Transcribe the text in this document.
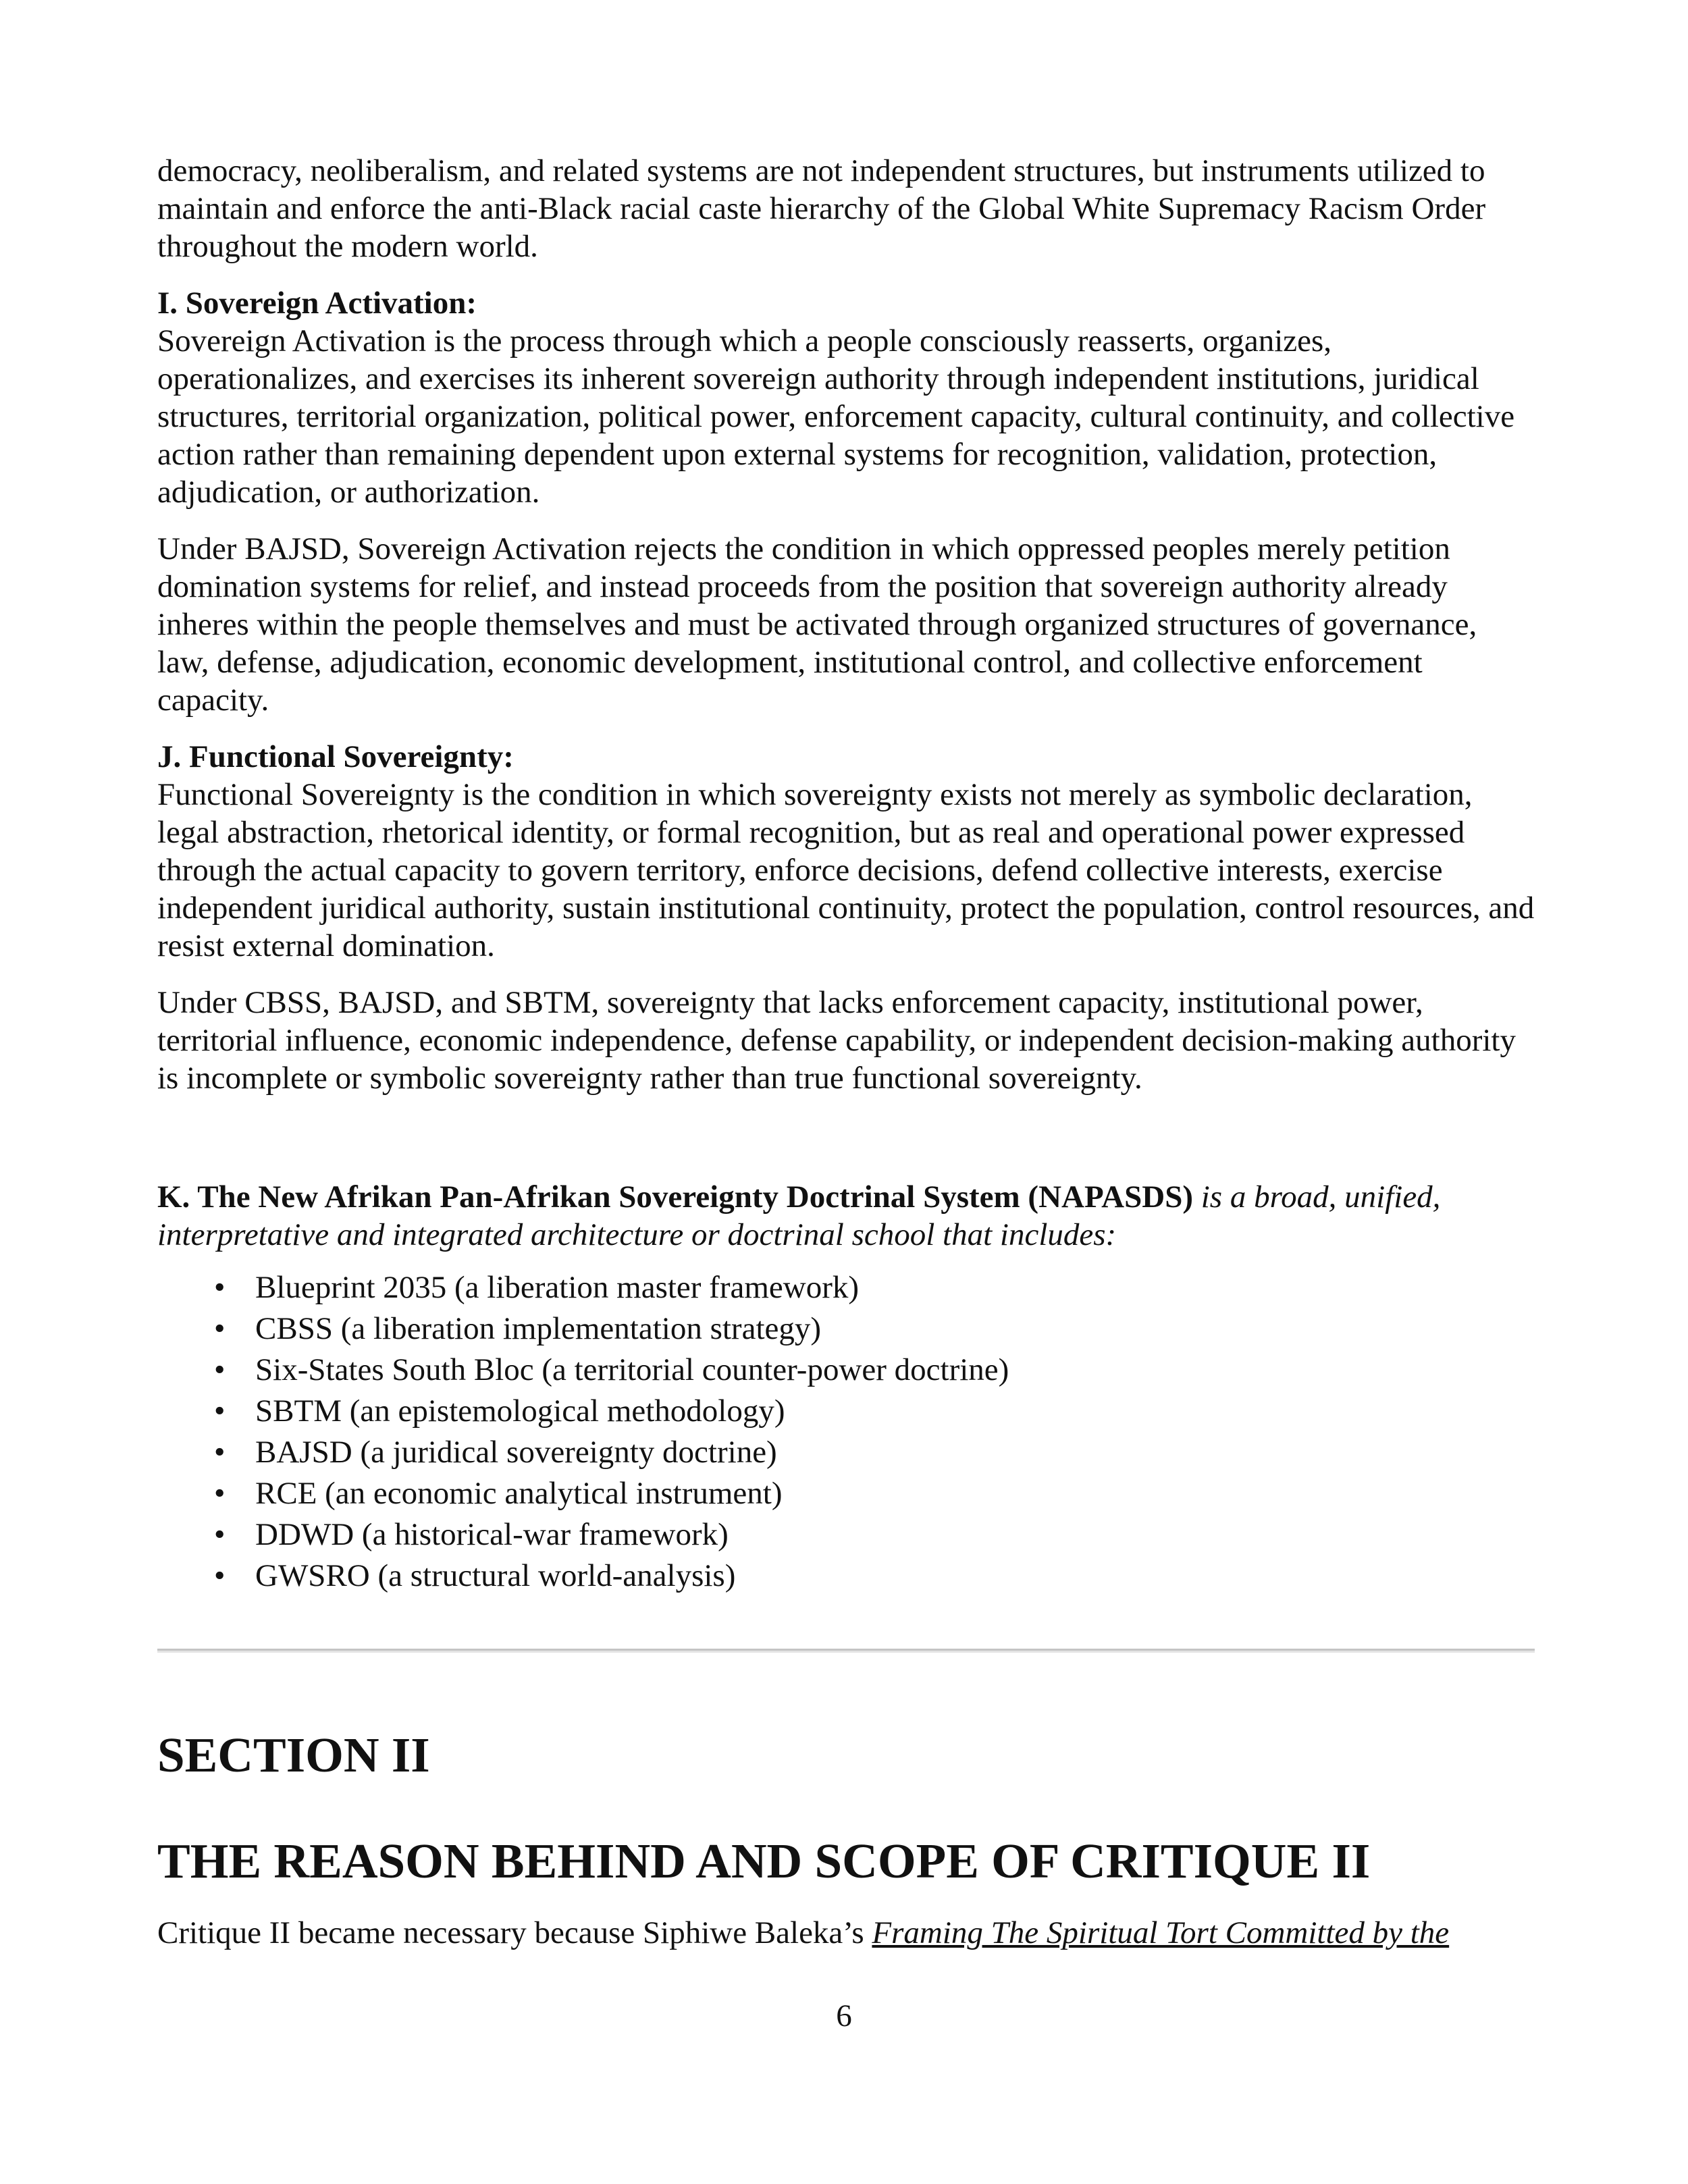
democracy, neoliberalism, and related systems are not independent structures, but instruments utilized to maintain and enforce the anti-Black racial caste hierarchy of the Global White Supremacy Racism Order throughout the modern world.

I. Sovereign Activation:
Sovereign Activation is the process through which a people consciously reasserts, organizes, operationalizes, and exercises its inherent sovereign authority through independent institutions, juridical structures, territorial organization, political power, enforcement capacity, cultural continuity, and collective action rather than remaining dependent upon external systems for recognition, validation, protection, adjudication, or authorization.

Under BAJSD, Sovereign Activation rejects the condition in which oppressed peoples merely petition domination systems for relief, and instead proceeds from the position that sovereign authority already inheres within the people themselves and must be activated through organized structures of governance, law, defense, adjudication, economic development, institutional control, and collective enforcement capacity.

J. Functional Sovereignty:
Functional Sovereignty is the condition in which sovereignty exists not merely as symbolic declaration, legal abstraction, rhetorical identity, or formal recognition, but as real and operational power expressed through the actual capacity to govern territory, enforce decisions, defend collective interests, exercise independent juridical authority, sustain institutional continuity, protect the population, control resources, and resist external domination.

Under CBSS, BAJSD, and SBTM, sovereignty that lacks enforcement capacity, institutional power, territorial influence, economic independence, defense capability, or independent decision-making authority is incomplete or symbolic sovereignty rather than true functional sovereignty.

K. The New Afrikan Pan-Afrikan Sovereignty Doctrinal System (NAPASDS) is a broad, unified, interpretative and integrated architecture or doctrinal school that includes:

• Blueprint 2035 (a liberation master framework)
• CBSS (a liberation implementation strategy)
• Six-States South Bloc (a territorial counter-power doctrine)
• SBTM (an epistemological methodology)
• BAJSD (a juridical sovereignty doctrine)
• RCE (an economic analytical instrument)
• DDWD (a historical-war framework)
• GWSRO (a structural world-analysis)
SECTION II
THE REASON BEHIND AND SCOPE OF CRITIQUE II

Critique II became necessary because Siphiwe Baleka’s Framing The Spiritual Tort Committed by the

6
